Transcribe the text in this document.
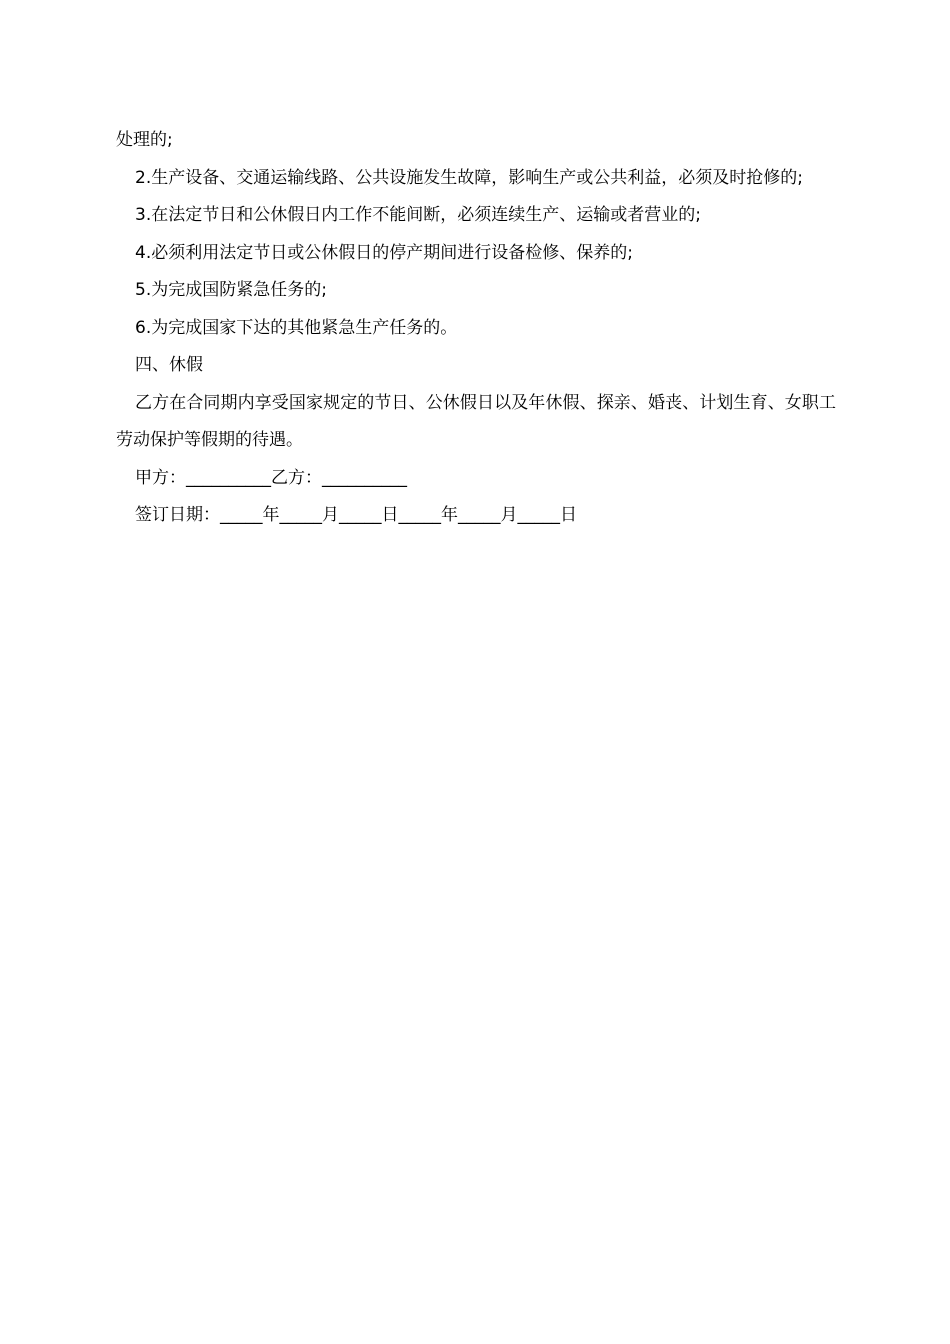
处理的;

2.生产设备、交通运输线路、公共设施发生故障，影响生产或公共利益，必须及时抢修的;

3.在法定节日和公休假日内工作不能间断，必须连续生产、运输或者营业的;

4.必须利用法定节日或公休假日的停产期间进行设备检修、保养的;

5.为完成国防紧急任务的;

6.为完成国家下达的其他紧急生产任务的。

四、休假

乙方在合同期内享受国家规定的节日、公休假日以及年休假、探亲、婚丧、计划生育、女职工劳动保护等假期的待遇。

甲方：__________乙方：__________

签订日期：_____年_____月_____日_____年_____月_____日
